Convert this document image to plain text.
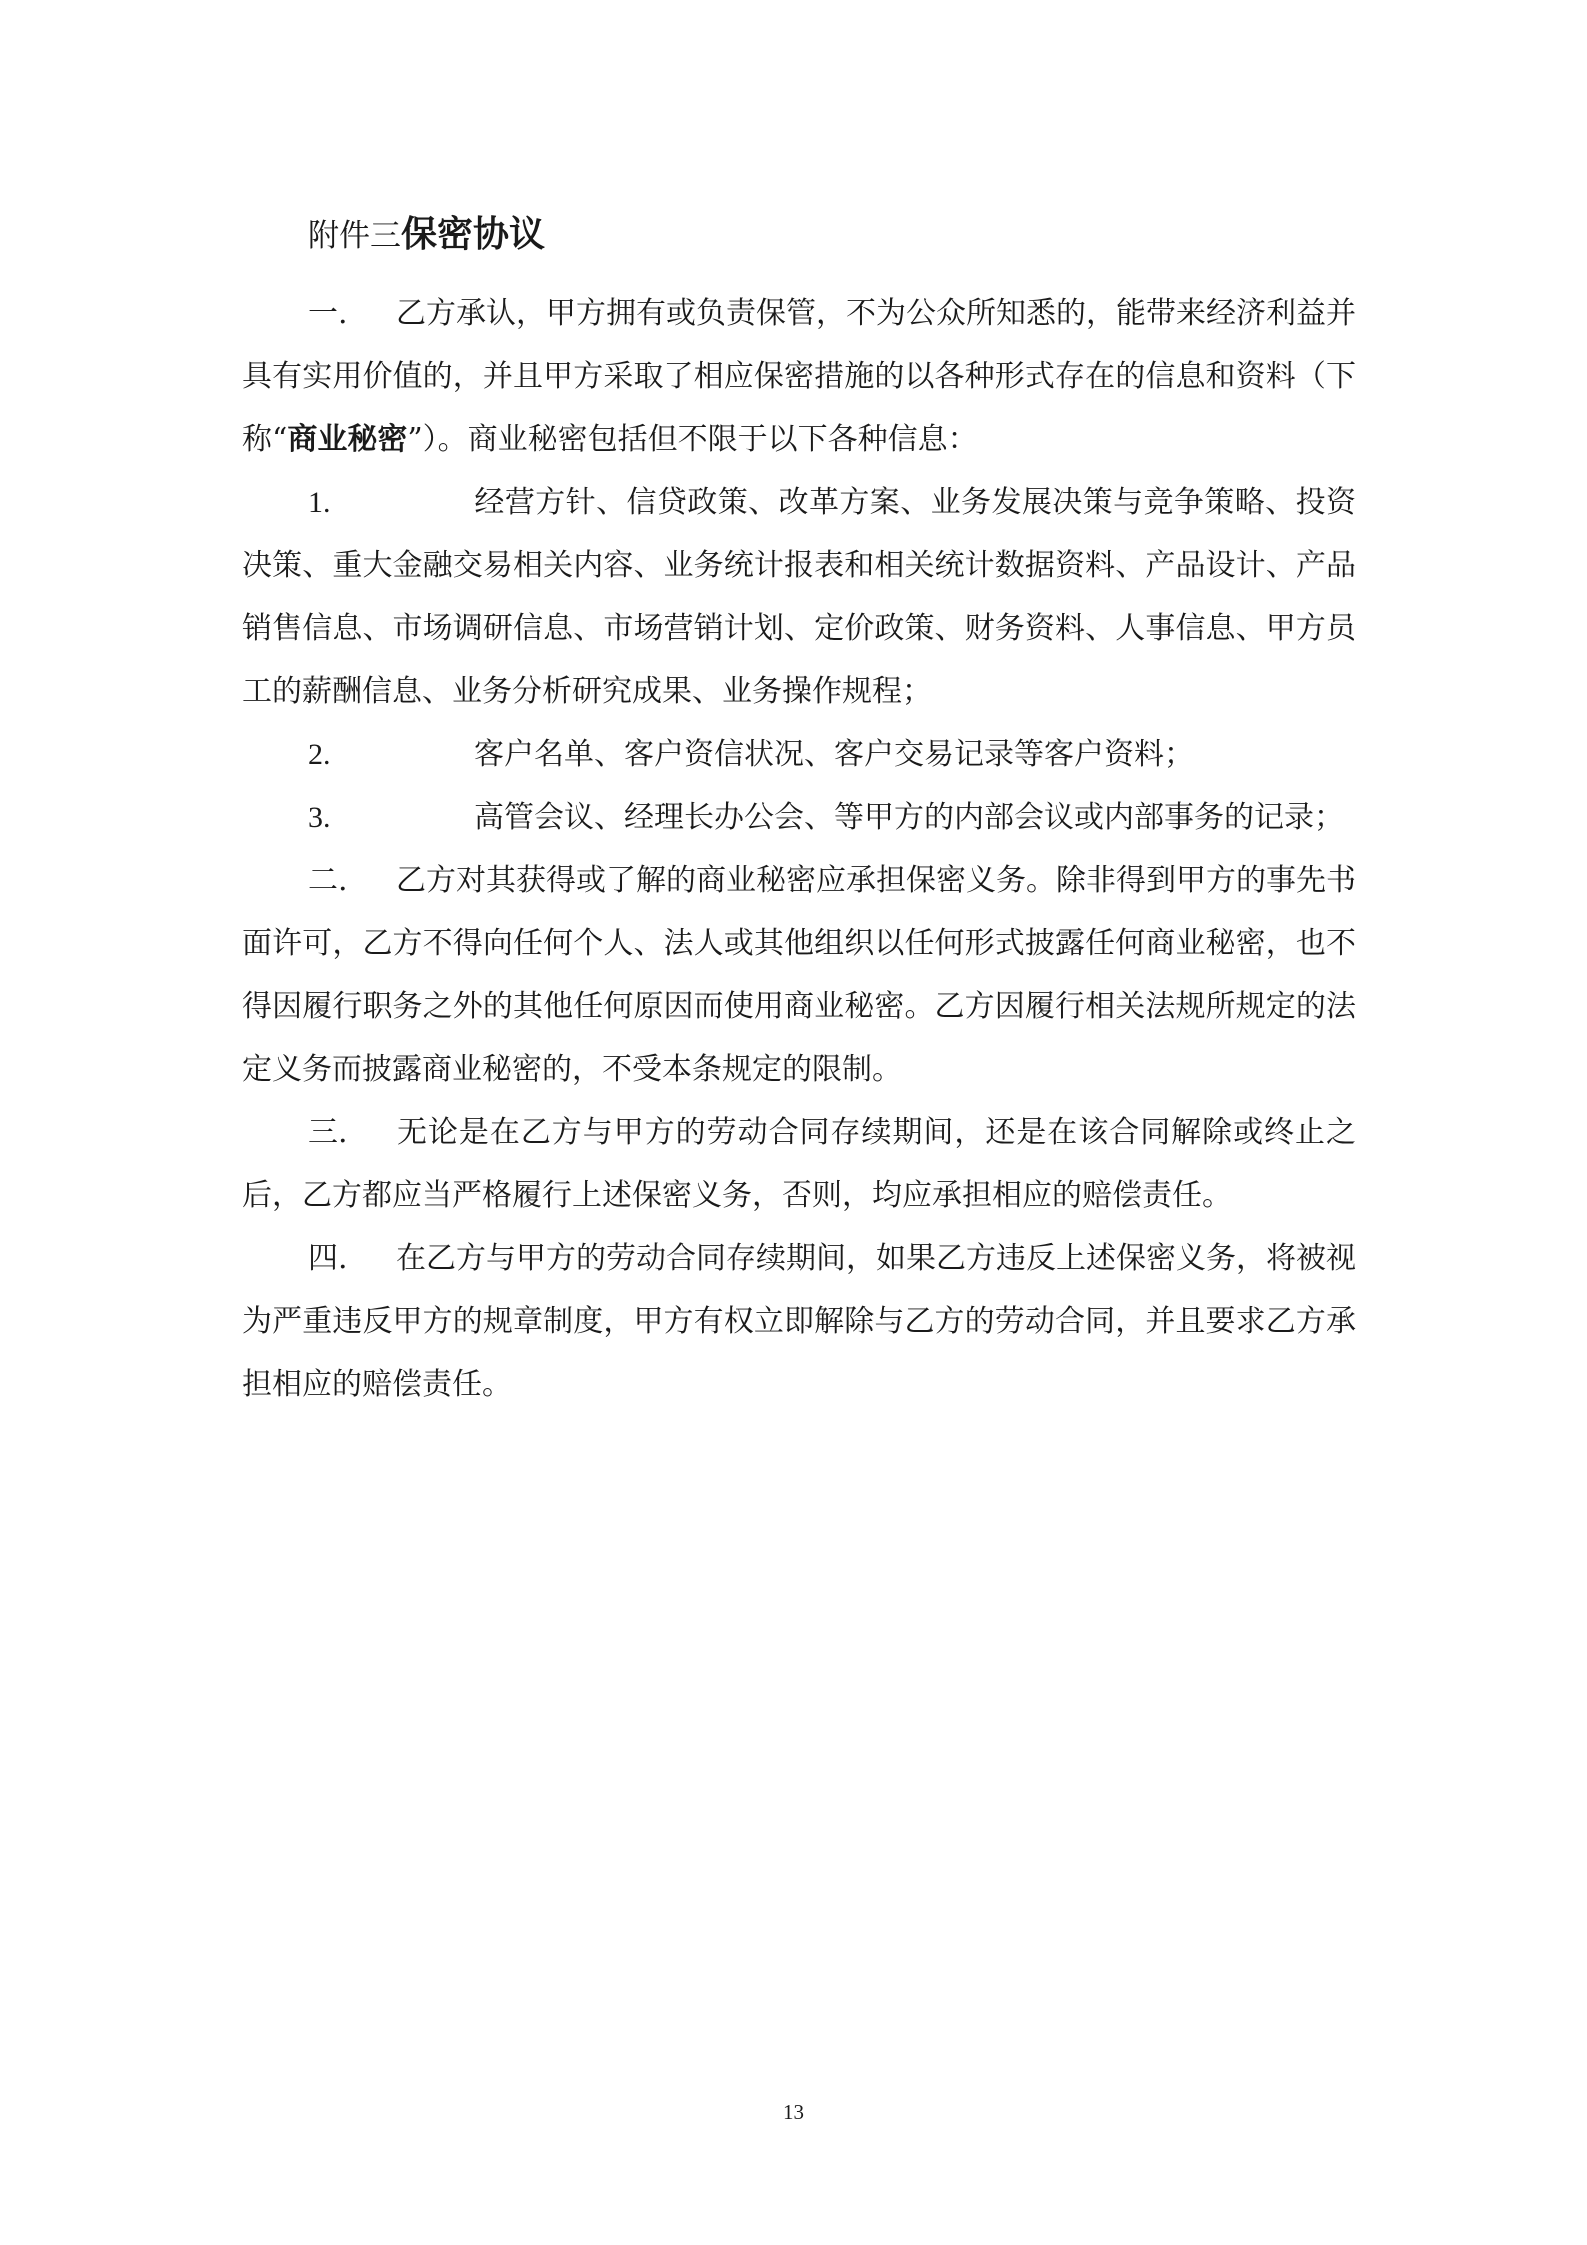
附件三保密协议

一. 乙方承认，甲方拥有或负责保管，不为公众所知悉的，能带来经济利益并具有实用价值的，并且甲方采取了相应保密措施的以各种形式存在的信息和资料（下称“商业秘密”）。商业秘密包括但不限于以下各种信息：

1.	经营方针、信贷政策、改革方案、业务发展决策与竞争策略、投资决策、重大金融交易相关内容、业务统计报表和相关统计数据资料、产品设计、产品销售信息、市场调研信息、市场营销计划、定价政策、财务资料、人事信息、甲方员工的薪酬信息、业务分析研究成果、业务操作规程；

2.	客户名单、客户资信状况、客户交易记录等客户资料；

3.	高管会议、经理长办公会、等甲方的内部会议或内部事务的记录；

二. 乙方对其获得或了解的商业秘密应承担保密义务。除非得到甲方的事先书面许可，乙方不得向任何个人、法人或其他组织以任何形式披露任何商业秘密，也不得因履行职务之外的其他任何原因而使用商业秘密。乙方因履行相关法规所规定的法定义务而披露商业秘密的，不受本条规定的限制。

三. 无论是在乙方与甲方的劳动合同存续期间，还是在该合同解除或终止之后，乙方都应当严格履行上述保密义务，否则，均应承担相应的赔偿责任。

四. 在乙方与甲方的劳动合同存续期间，如果乙方违反上述保密义务，将被视为严重违反甲方的规章制度，甲方有权立即解除与乙方的劳动合同，并且要求乙方承担相应的赔偿责任。

13
